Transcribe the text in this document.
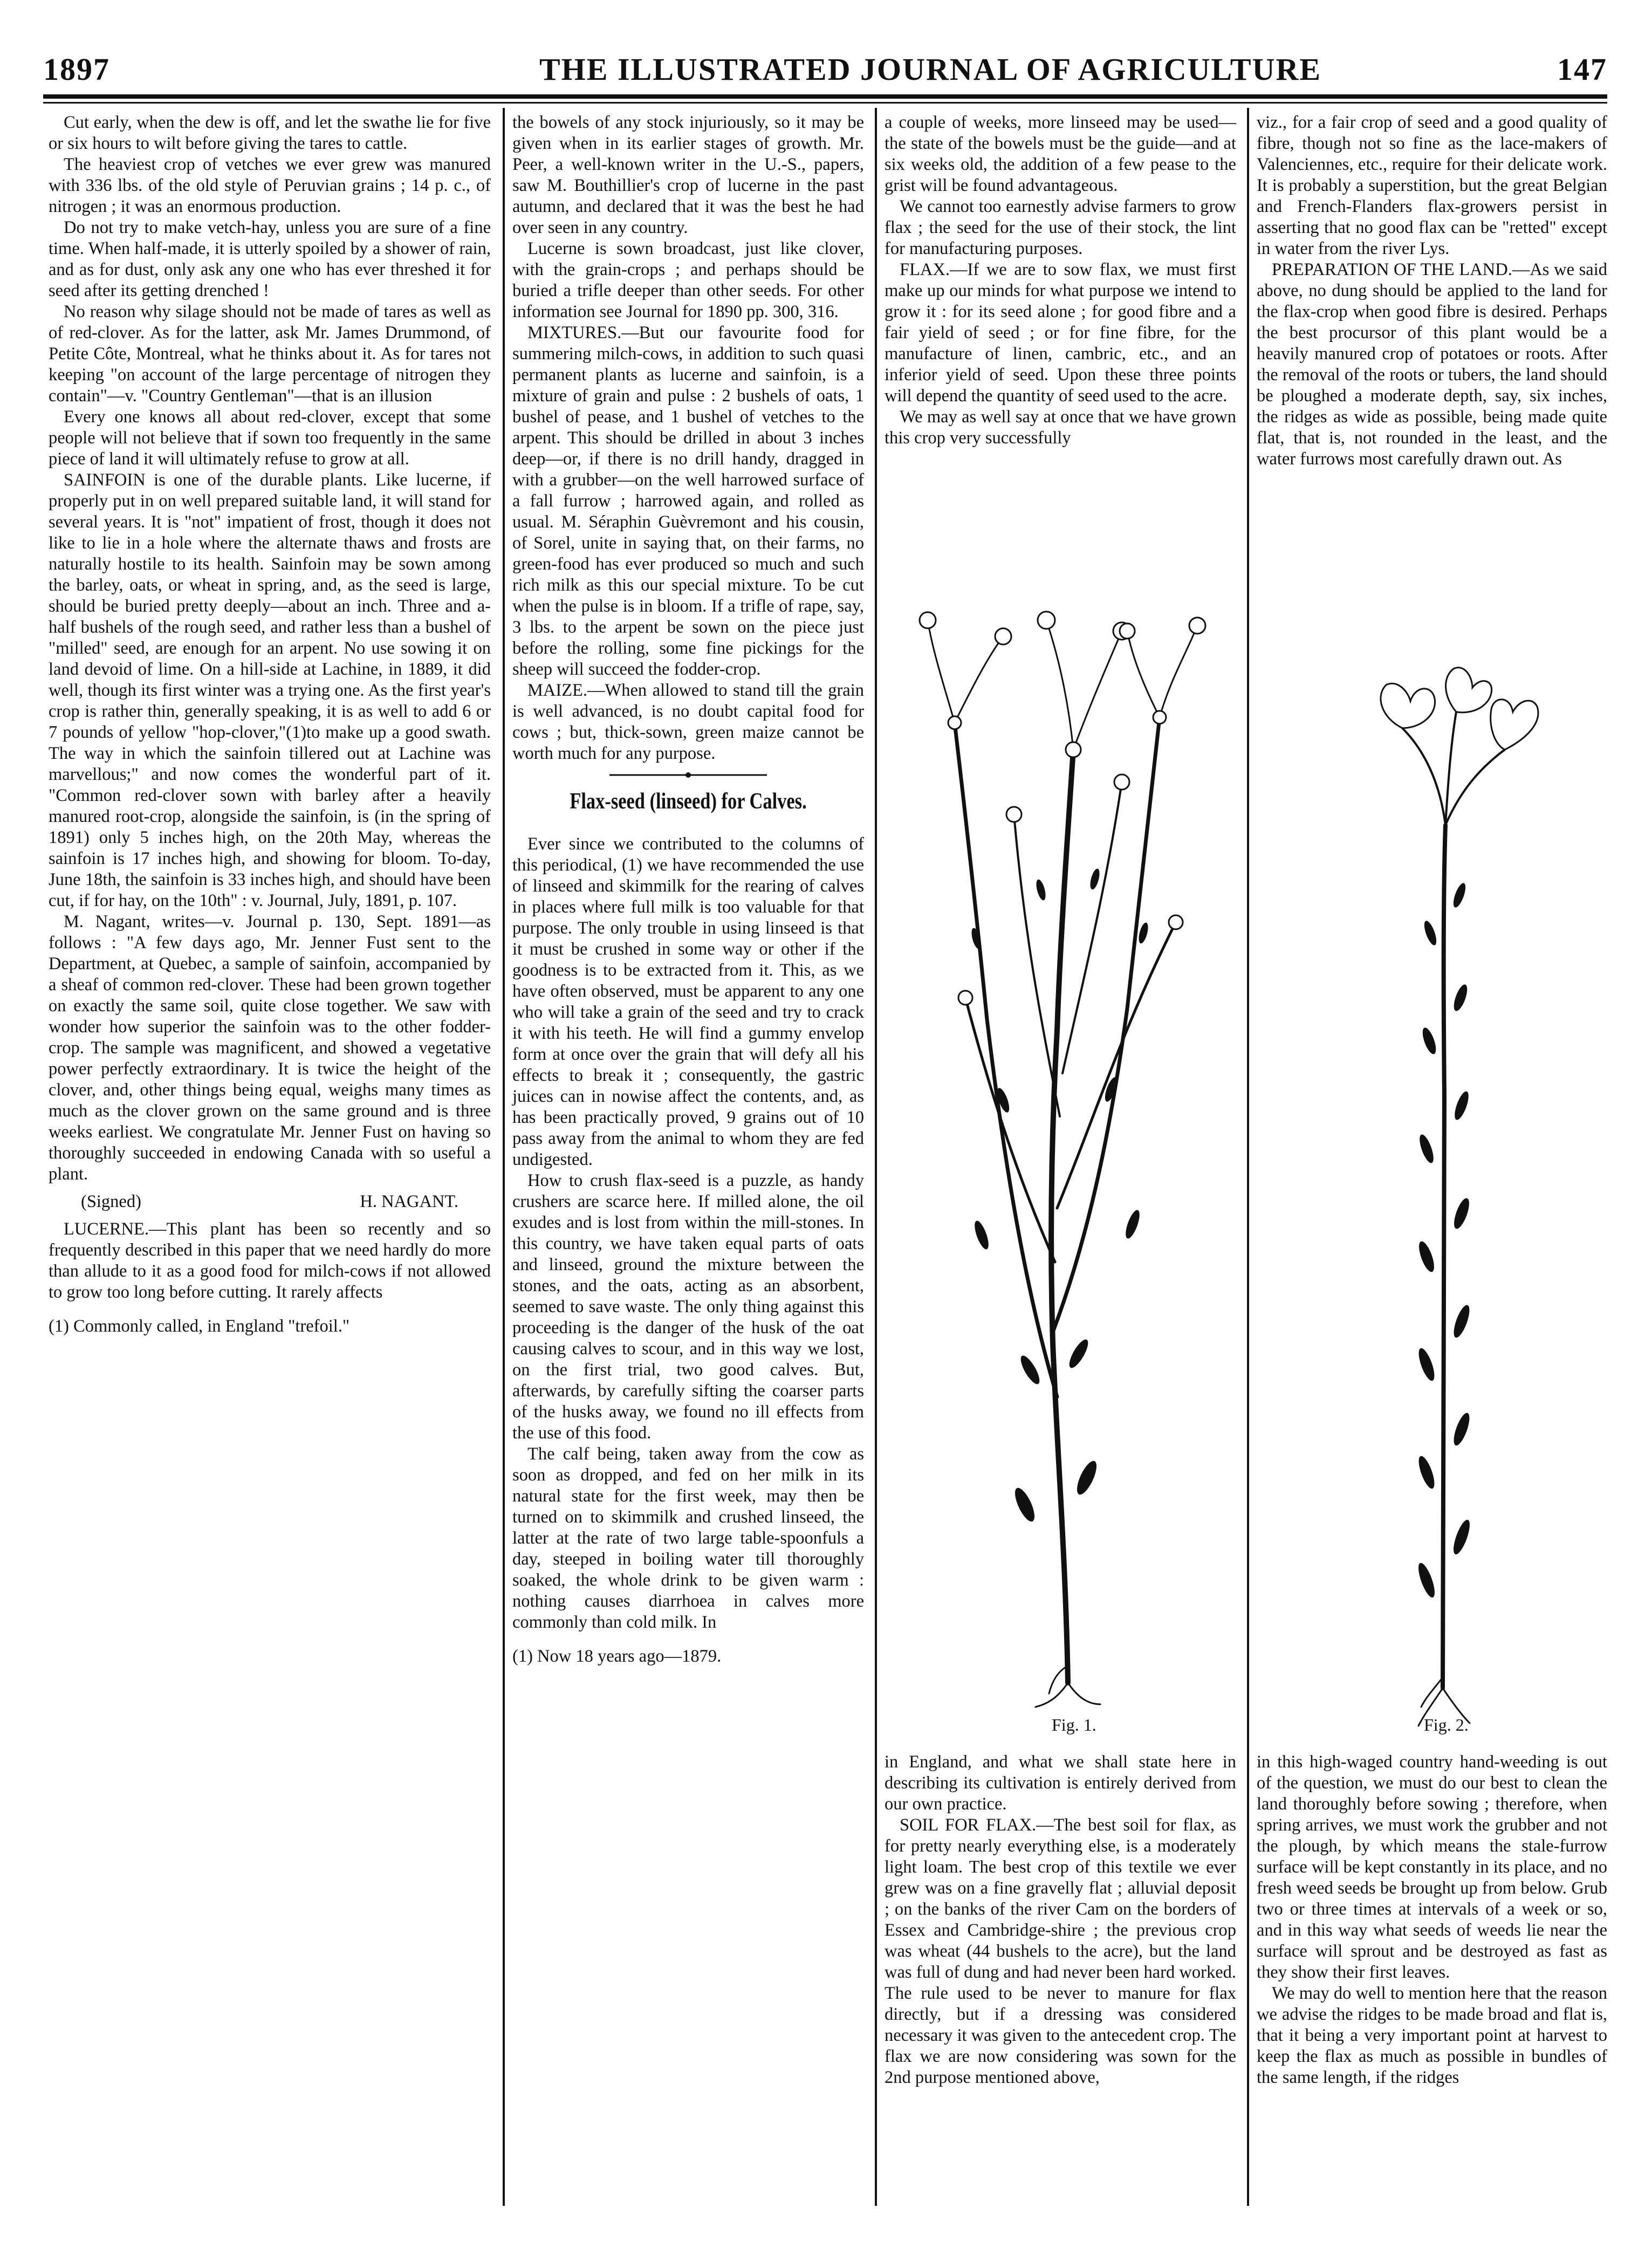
1897	THE ILLUSTRATED JOURNAL OF AGRICULTURE	147

Cut early, when the dew is off, and let the swathe lie for five or six hours to wilt before giving the tares to cattle.

The heaviest crop of vetches we ever grew was manured with 336 lbs. of the old style of Peruvian grains ; 14 p. c., of nitrogen ; it was an enormous production.

Do not try to make vetch-hay, unless you are sure of a fine time. When half-made, it is utterly spoiled by a shower of rain, and as for dust, only ask any one who has ever threshed it for seed after its getting drenched !

No reason why silage should not be made of tares as well as of red-clover. As for the latter, ask Mr. James Drummond, of Petite Côte, Montreal, what he thinks about it. As for tares not keeping "on account of the large percentage of nitrogen they contain"—v. "Country Gentleman"—that is an illusion

Every one knows all about red-clover, except that some people will not believe that if sown too frequently in the same piece of land it will ultimately refuse to grow at all.

SAINFOIN is one of the durable plants. Like lucerne, if properly put in on well prepared suitable land, it will stand for several years. It is "not" impatient of frost, though it does not like to lie in a hole where the alternate thaws and frosts are naturally hostile to its health. Sainfoin may be sown among the barley, oats, or wheat in spring, and, as the seed is large, should be buried pretty deeply—about an inch. Three and a-half bushels of the rough seed, and rather less than a bushel of "milled" seed, are enough for an arpent. No use sowing it on land devoid of lime. On a hill-side at Lachine, in 1889, it did well, though its first winter was a trying one. As the first year's crop is rather thin, generally speaking, it is as well to add 6 or 7 pounds of yellow "hop-clover,"(1)to make up a good swath. The way in which the sainfoin tillered out at Lachine was marvellous;" and now comes the wonderful part of it. "Common red-clover sown with barley after a heavily manured root-crop, alongside the sainfoin, is (in the spring of 1891) only 5 inches high, on the 20th May, whereas the sainfoin is 17 inches high, and showing for bloom. To-day, June 18th, the sainfoin is 33 inches high, and should have been cut, if for hay, on the 10th" : v. Journal, July, 1891, p. 107.

M. Nagant, writes—v. Journal p. 130, Sept. 1891—as follows : "A few days ago, Mr. Jenner Fust sent to the Department, at Quebec, a sample of sainfoin, accompanied by a sheaf of common red-clover. These had been grown together on exactly the same soil, quite close together. We saw with wonder how superior the sainfoin was to the other fodder-crop. The sample was magnificent, and showed a vegetative power perfectly extraordinary. It is twice the height of the clover, and, other things being equal, weighs many times as much as the clover grown on the same ground and is three weeks earliest. We congratulate Mr. Jenner Fust on having so thoroughly succeeded in endowing Canada with so useful a plant.

(Signed)	H. NAGANT.

LUCERNE.—This plant has been so recently and so frequently described in this paper that we need hardly do more than allude to it as a good food for milch-cows if not allowed to grow too long before cutting. It rarely affects

(1) Commonly called, in England "trefoil."

the bowels of any stock injuriously, so it may be given when in its earlier stages of growth. Mr. Peer, a well-known writer in the U.-S., papers, saw M. Bouthillier's crop of lucerne in the past autumn, and declared that it was the best he had over seen in any country.

Lucerne is sown broadcast, just like clover, with the grain-crops ; and perhaps should be buried a trifle deeper than other seeds. For other information see Journal for 1890 pp. 300, 316.

MIXTURES.—But our favourite food for summering milch-cows, in addition to such quasi permanent plants as lucerne and sainfoin, is a mixture of grain and pulse : 2 bushels of oats, 1 bushel of pease, and 1 bushel of vetches to the arpent. This should be drilled in about 3 inches deep—or, if there is no drill handy, dragged in with a grubber—on the well harrowed surface of a fall furrow ; harrowed again, and rolled as usual. M. Séraphin Guèvremont and his cousin, of Sorel, unite in saying that, on their farms, no green-food has ever produced so much and such rich milk as this our special mixture. To be cut when the pulse is in bloom. If a trifle of rape, say, 3 lbs. to the arpent be sown on the piece just before the rolling, some fine pickings for the sheep will succeed the fodder-crop.

MAIZE.—When allowed to stand till the grain is well advanced, is no doubt capital food for cows ; but, thick-sown, green maize cannot be worth much for any purpose.

Flax-seed (linseed) for Calves.

Ever since we contributed to the columns of this periodical, (1) we have recommended the use of linseed and skimmilk for the rearing of calves in places where full milk is too valuable for that purpose. The only trouble in using linseed is that it must be crushed in some way or other if the goodness is to be extracted from it. This, as we have often observed, must be apparent to any one who will take a grain of the seed and try to crack it with his teeth. He will find a gummy envelop form at once over the grain that will defy all his effects to break it ; consequently, the gastric juices can in nowise affect the contents, and, as has been practically proved, 9 grains out of 10 pass away from the animal to whom they are fed undigested.

How to crush flax-seed is a puzzle, as handy crushers are scarce here. If milled alone, the oil exudes and is lost from within the mill-stones. In this country, we have taken equal parts of oats and linseed, ground the mixture between the stones, and the oats, acting as an absorbent, seemed to save waste. The only thing against this proceeding is the danger of the husk of the oat causing calves to scour, and in this way we lost, on the first trial, two good calves. But, afterwards, by carefully sifting the coarser parts of the husks away, we found no ill effects from the use of this food.

The calf being, taken away from the cow as soon as dropped, and fed on her milk in its natural state for the first week, may then be turned on to skimmilk and crushed linseed, the latter at the rate of two large table-spoonfuls a day, steeped in boiling water till thoroughly soaked, the whole drink to be given warm : nothing causes diarrhoea in calves more commonly than cold milk. In

(1) Now 18 years ago—1879.

a couple of weeks, more linseed may be used—the state of the bowels must be the guide—and at six weeks old, the addition of a few pease to the grist will be found advantageous.

We cannot too earnestly advise farmers to grow flax ; the seed for the use of their stock, the lint for manufacturing purposes.

FLAX.—If we are to sow flax, we must first make up our minds for what purpose we intend to grow it : for its seed alone ; for good fibre and a fair yield of seed ; or for fine fibre, for the manufacture of linen, cambric, etc., and an inferior yield of seed. Upon these three points will depend the quantity of seed used to the acre.

We may as well say at once that we have grown this crop very successfully

viz., for a fair crop of seed and a good quality of fibre, though not so fine as the lace-makers of Valenciennes, etc., require for their delicate work. It is probably a superstition, but the great Belgian and French-Flanders flax-growers persist in asserting that no good flax can be "retted" except in water from the river Lys.

PREPARATION OF THE LAND.—As we said above, no dung should be applied to the land for the flax-crop when good fibre is desired. Perhaps the best procursor of this plant would be a heavily manured crop of potatoes or roots. After the removal of the roots or tubers, the land should be ploughed a moderate depth, say, six inches, the ridges as wide as possible, being made quite flat, that is, not rounded in the least, and the water furrows most carefully drawn out. As

Fig. 1.	Fig. 2.

in England, and what we shall state here in describing its cultivation is entirely derived from our own practice.

SOIL FOR FLAX.—The best soil for flax, as for pretty nearly everything else, is a moderately light loam. The best crop of this textile we ever grew was on a fine gravelly flat ; alluvial deposit ; on the banks of the river Cam on the borders of Essex and Cambridge-shire ; the previous crop was wheat (44 bushels to the acre), but the land was full of dung and had never been hard worked. The rule used to be never to manure for flax directly, but if a dressing was considered necessary it was given to the antecedent crop. The flax we are now considering was sown for the 2nd purpose mentioned above,

in this high-waged country hand-weeding is out of the question, we must do our best to clean the land thoroughly before sowing ; therefore, when spring arrives, we must work the grubber and not the plough, by which means the stale-furrow surface will be kept constantly in its place, and no fresh weed seeds be brought up from below. Grub two or three times at intervals of a week or so, and in this way what seeds of weeds lie near the surface will sprout and be destroyed as fast as they show their first leaves.

We may do well to mention here that the reason we advise the ridges to be made broad and flat is, that it being a very important point at harvest to keep the flax as much as possible in bundles of the same length, if the ridges
